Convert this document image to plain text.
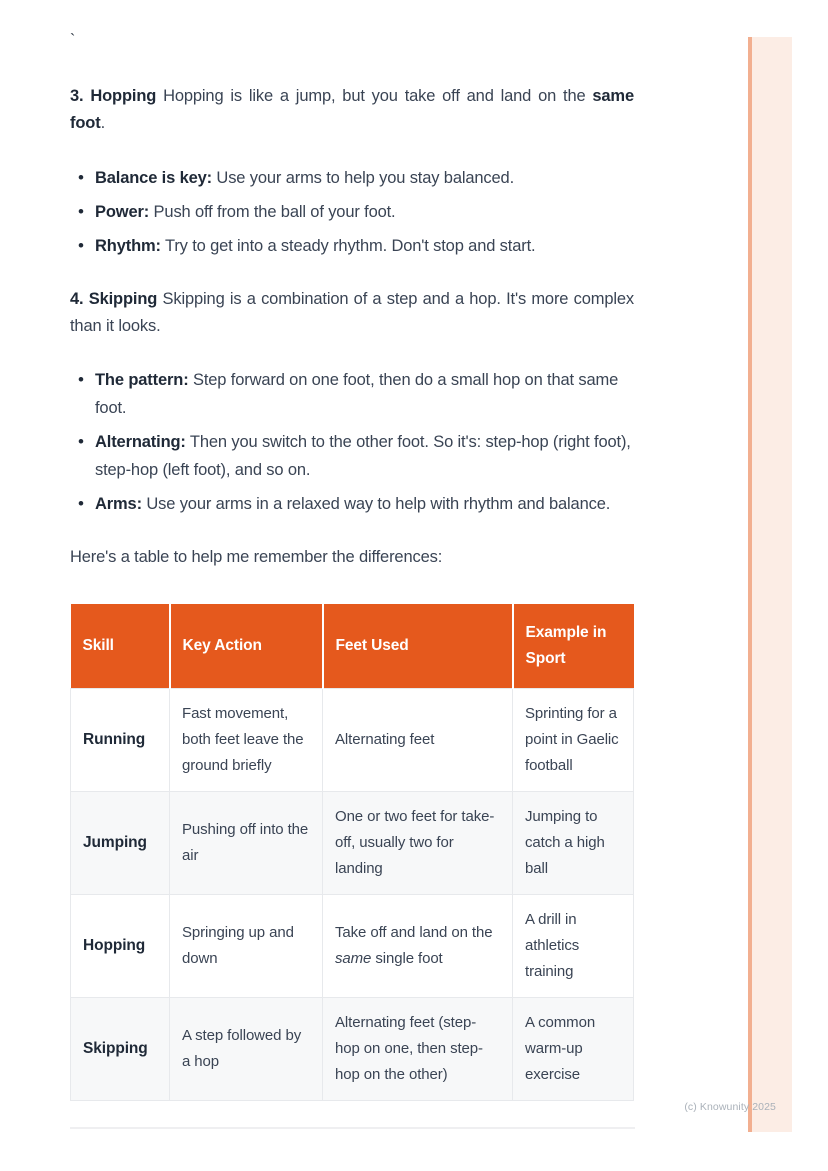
`

3. Hopping Hopping is like a jump, but you take off and land on the same foot.

• Balance is key: Use your arms to help you stay balanced.
• Power: Push off from the ball of your foot.
• Rhythm: Try to get into a steady rhythm. Don't stop and start.

4. Skipping Skipping is a combination of a step and a hop. It's more complex than it looks.

• The pattern: Step forward on one foot, then do a small hop on that same foot.
• Alternating: Then you switch to the other foot. So it's: step-hop (right foot), step-hop (left foot), and so on.
• Arms: Use your arms in a relaxed way to help with rhythm and balance.

Here's a table to help me remember the differences:

Skill	Key Action	Feet Used	Example in Sport
Running	Fast movement, both feet leave the ground briefly	Alternating feet	Sprinting for a point in Gaelic football
Jumping	Pushing off into the air	One or two feet for take-off, usually two for landing	Jumping to catch a high ball
Hopping	Springing up and down	Take off and land on the same single foot	A drill in athletics training
Skipping	A step followed by a hop	Alternating feet (step-hop on one, then step-hop on the other)	A common warm-up exercise
(c) Knowunity 2025
